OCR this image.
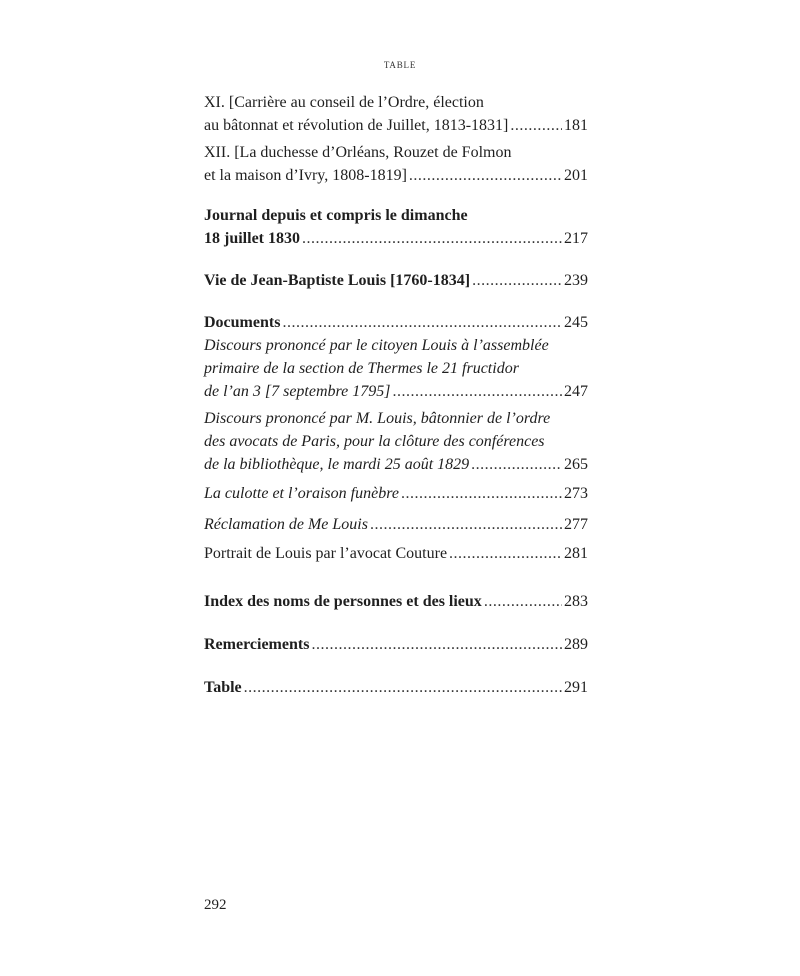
TABLE
XI. [Carrière au conseil de l’Ordre, élection
au bâtonnat et révolution de Juillet, 1813-1831] .....	181
XII. [La duchesse d’Orléans, Rouzet de Folmon
et la maison d’Ivry, 1808-1819] .....	201
Journal depuis et compris le dimanche
18 juillet 1830 .....	217
Vie de Jean-Baptiste Louis [1760-1834] .....	239
Documents .....	245
Discours prononcé par le citoyen Louis à l’assemblée
primaire de la section de Thermes le 21 fructidor
de l’an 3 [7 septembre 1795] .....	247
Discours prononcé par M. Louis, bâtonnier de l’ordre
des avocats de Paris, pour la clôture des conférences
de la bibliothèque, le mardi 25 août 1829 .....	265
La culotte et l’oraison funèbre .....	273
Réclamation de Me Louis .....	277
Portrait de Louis par l’avocat Couture .....	281
Index des noms de personnes et des lieux .....	283
Remerciements .....	289
Table .....	291
292
